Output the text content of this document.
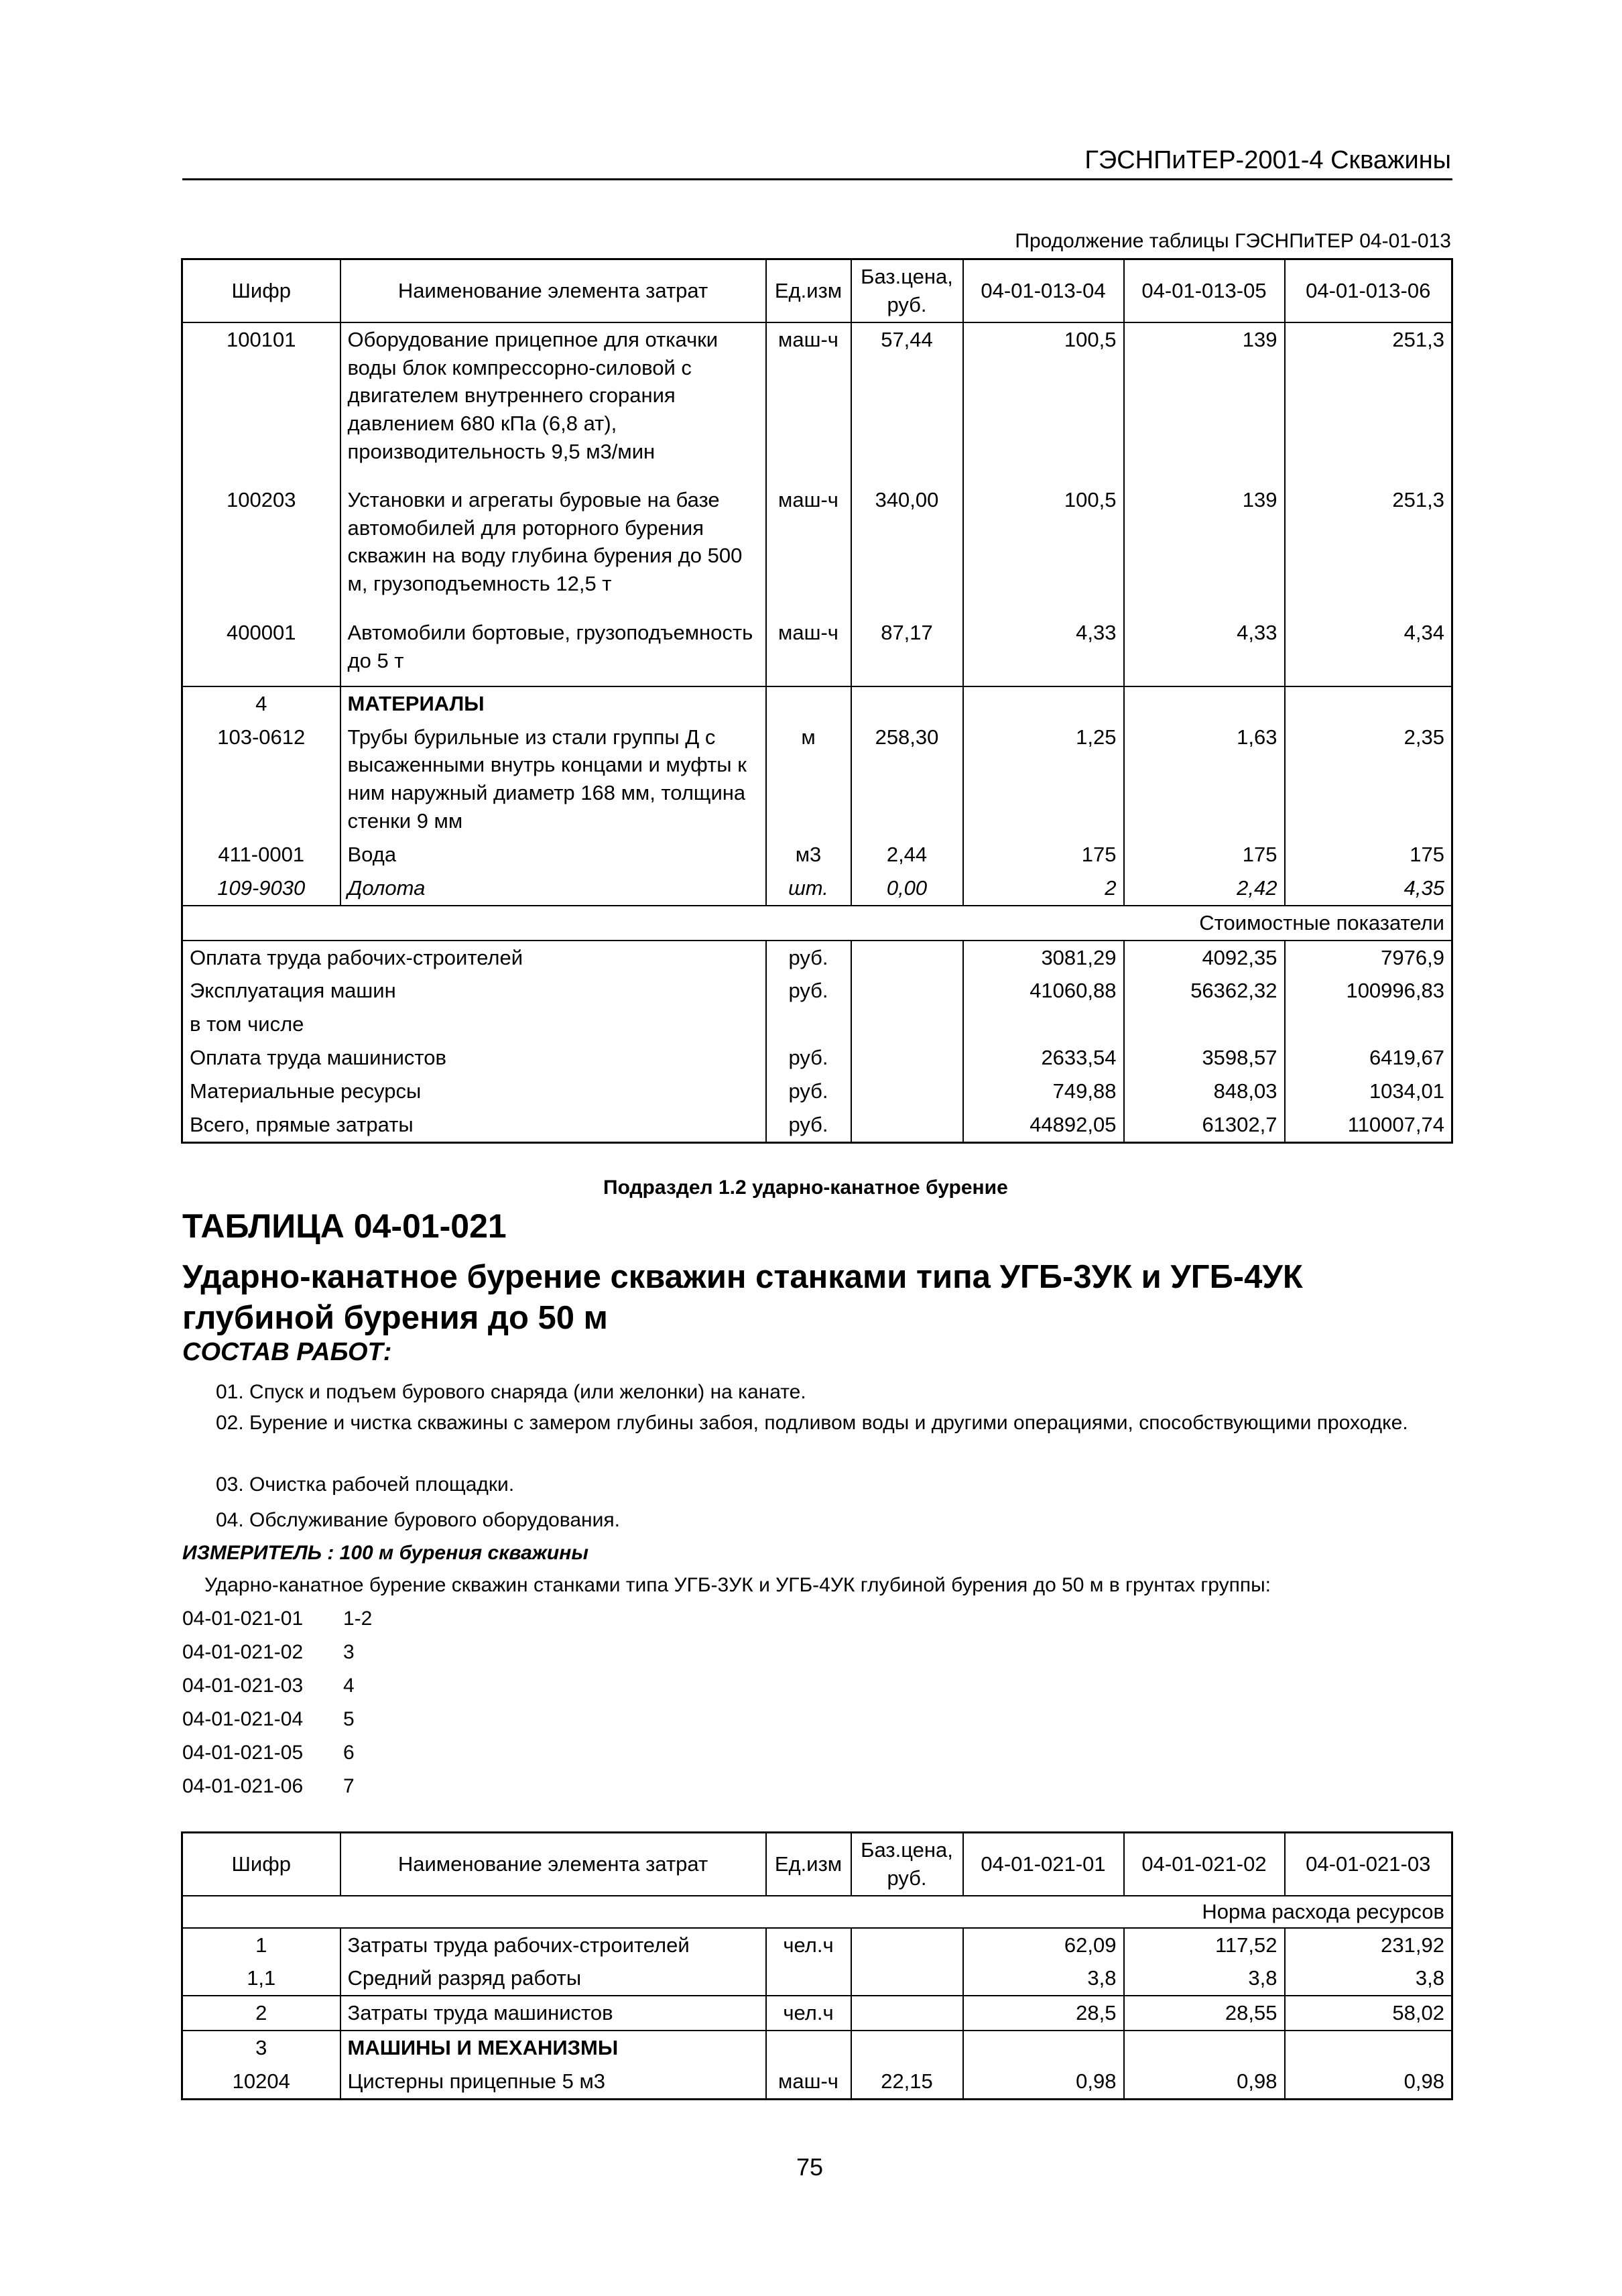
ГЭСНПиТЕР-2001-4 Скважины
Продолжение таблицы ГЭСНПиТЕР 04-01-013
Шифр	Наименование элемента затрат	Ед.изм	Баз.цена, руб.	04-01-013-04	04-01-013-05	04-01-013-06
100101	Оборудование прицепное для откачки воды блок компрессорно-силовой с двигателем внутреннего сгорания давлением 680 кПа (6,8 ат), производительность 9,5 м3/мин	маш-ч	57,44	100,5	139	251,3
100203	Установки и агрегаты буровые на базе автомобилей для роторного бурения скважин на воду глубина бурения до 500 м, грузоподъемность 12,5 т	маш-ч	340,00	100,5	139	251,3
400001	Автомобили бортовые, грузоподъемность до 5 т	маш-ч	87,17	4,33	4,33	4,34
4	МАТЕРИАЛЫ					
103-0612	Трубы бурильные из стали группы Д с высаженными внутрь концами и муфты к ним наружный диаметр 168 мм, толщина стенки 9 мм	м	258,30	1,25	1,63	2,35
411-0001	Вода	м3	2,44	175	175	175
109-9030	Долота	шт.	0,00	2	2,42	4,35
Стоимостные показатели						
Оплата труда рабочих-строителей		руб.		3081,29	4092,35	7976,9
Эксплуатация машин		руб.		41060,88	56362,32	100996,83
в том числе						
Оплата труда машинистов		руб.		2633,54	3598,57	6419,67
Материальные ресурсы		руб.		749,88	848,03	1034,01
Всего, прямые затраты		руб.		44892,05	61302,7	110007,74
Подраздел 1.2 ударно-канатное бурение
ТАБЛИЦА 04-01-021
Ударно-канатное бурение скважин станками типа УГБ-3УК и УГБ-4УК глубиной бурения до 50 м
СОСТАВ РАБОТ:
01. Спуск и подъем бурового снаряда (или желонки) на канате.
02. Бурение и чистка скважины с замером глубины забоя, подливом воды и другими операциями, способствующими проходке.
03. Очистка рабочей площадки.
04. Обслуживание бурового оборудования.
ИЗМЕРИТЕЛЬ : 100 м бурения скважины
Ударно-канатное бурение скважин станками типа УГБ-3УК и УГБ-4УК глубиной бурения до 50 м в грунтах группы:
04-01-021-01 1-2
04-01-021-02 3
04-01-021-03 4
04-01-021-04 5
04-01-021-05 6
04-01-021-06 7
Шифр	Наименование элемента затрат	Ед.изм	Баз.цена, руб.	04-01-021-01	04-01-021-02	04-01-021-03
Норма расхода ресурсов						
1	Затраты труда рабочих-строителей	чел.ч		62,09	117,52	231,92
1,1	Средний разряд работы			3,8	3,8	3,8
2	Затраты труда машинистов	чел.ч		28,5	28,55	58,02
3	МАШИНЫ И МЕХАНИЗМЫ					
10204	Цистерны прицепные 5 м3	маш-ч	22,15	0,98	0,98	0,98
75
